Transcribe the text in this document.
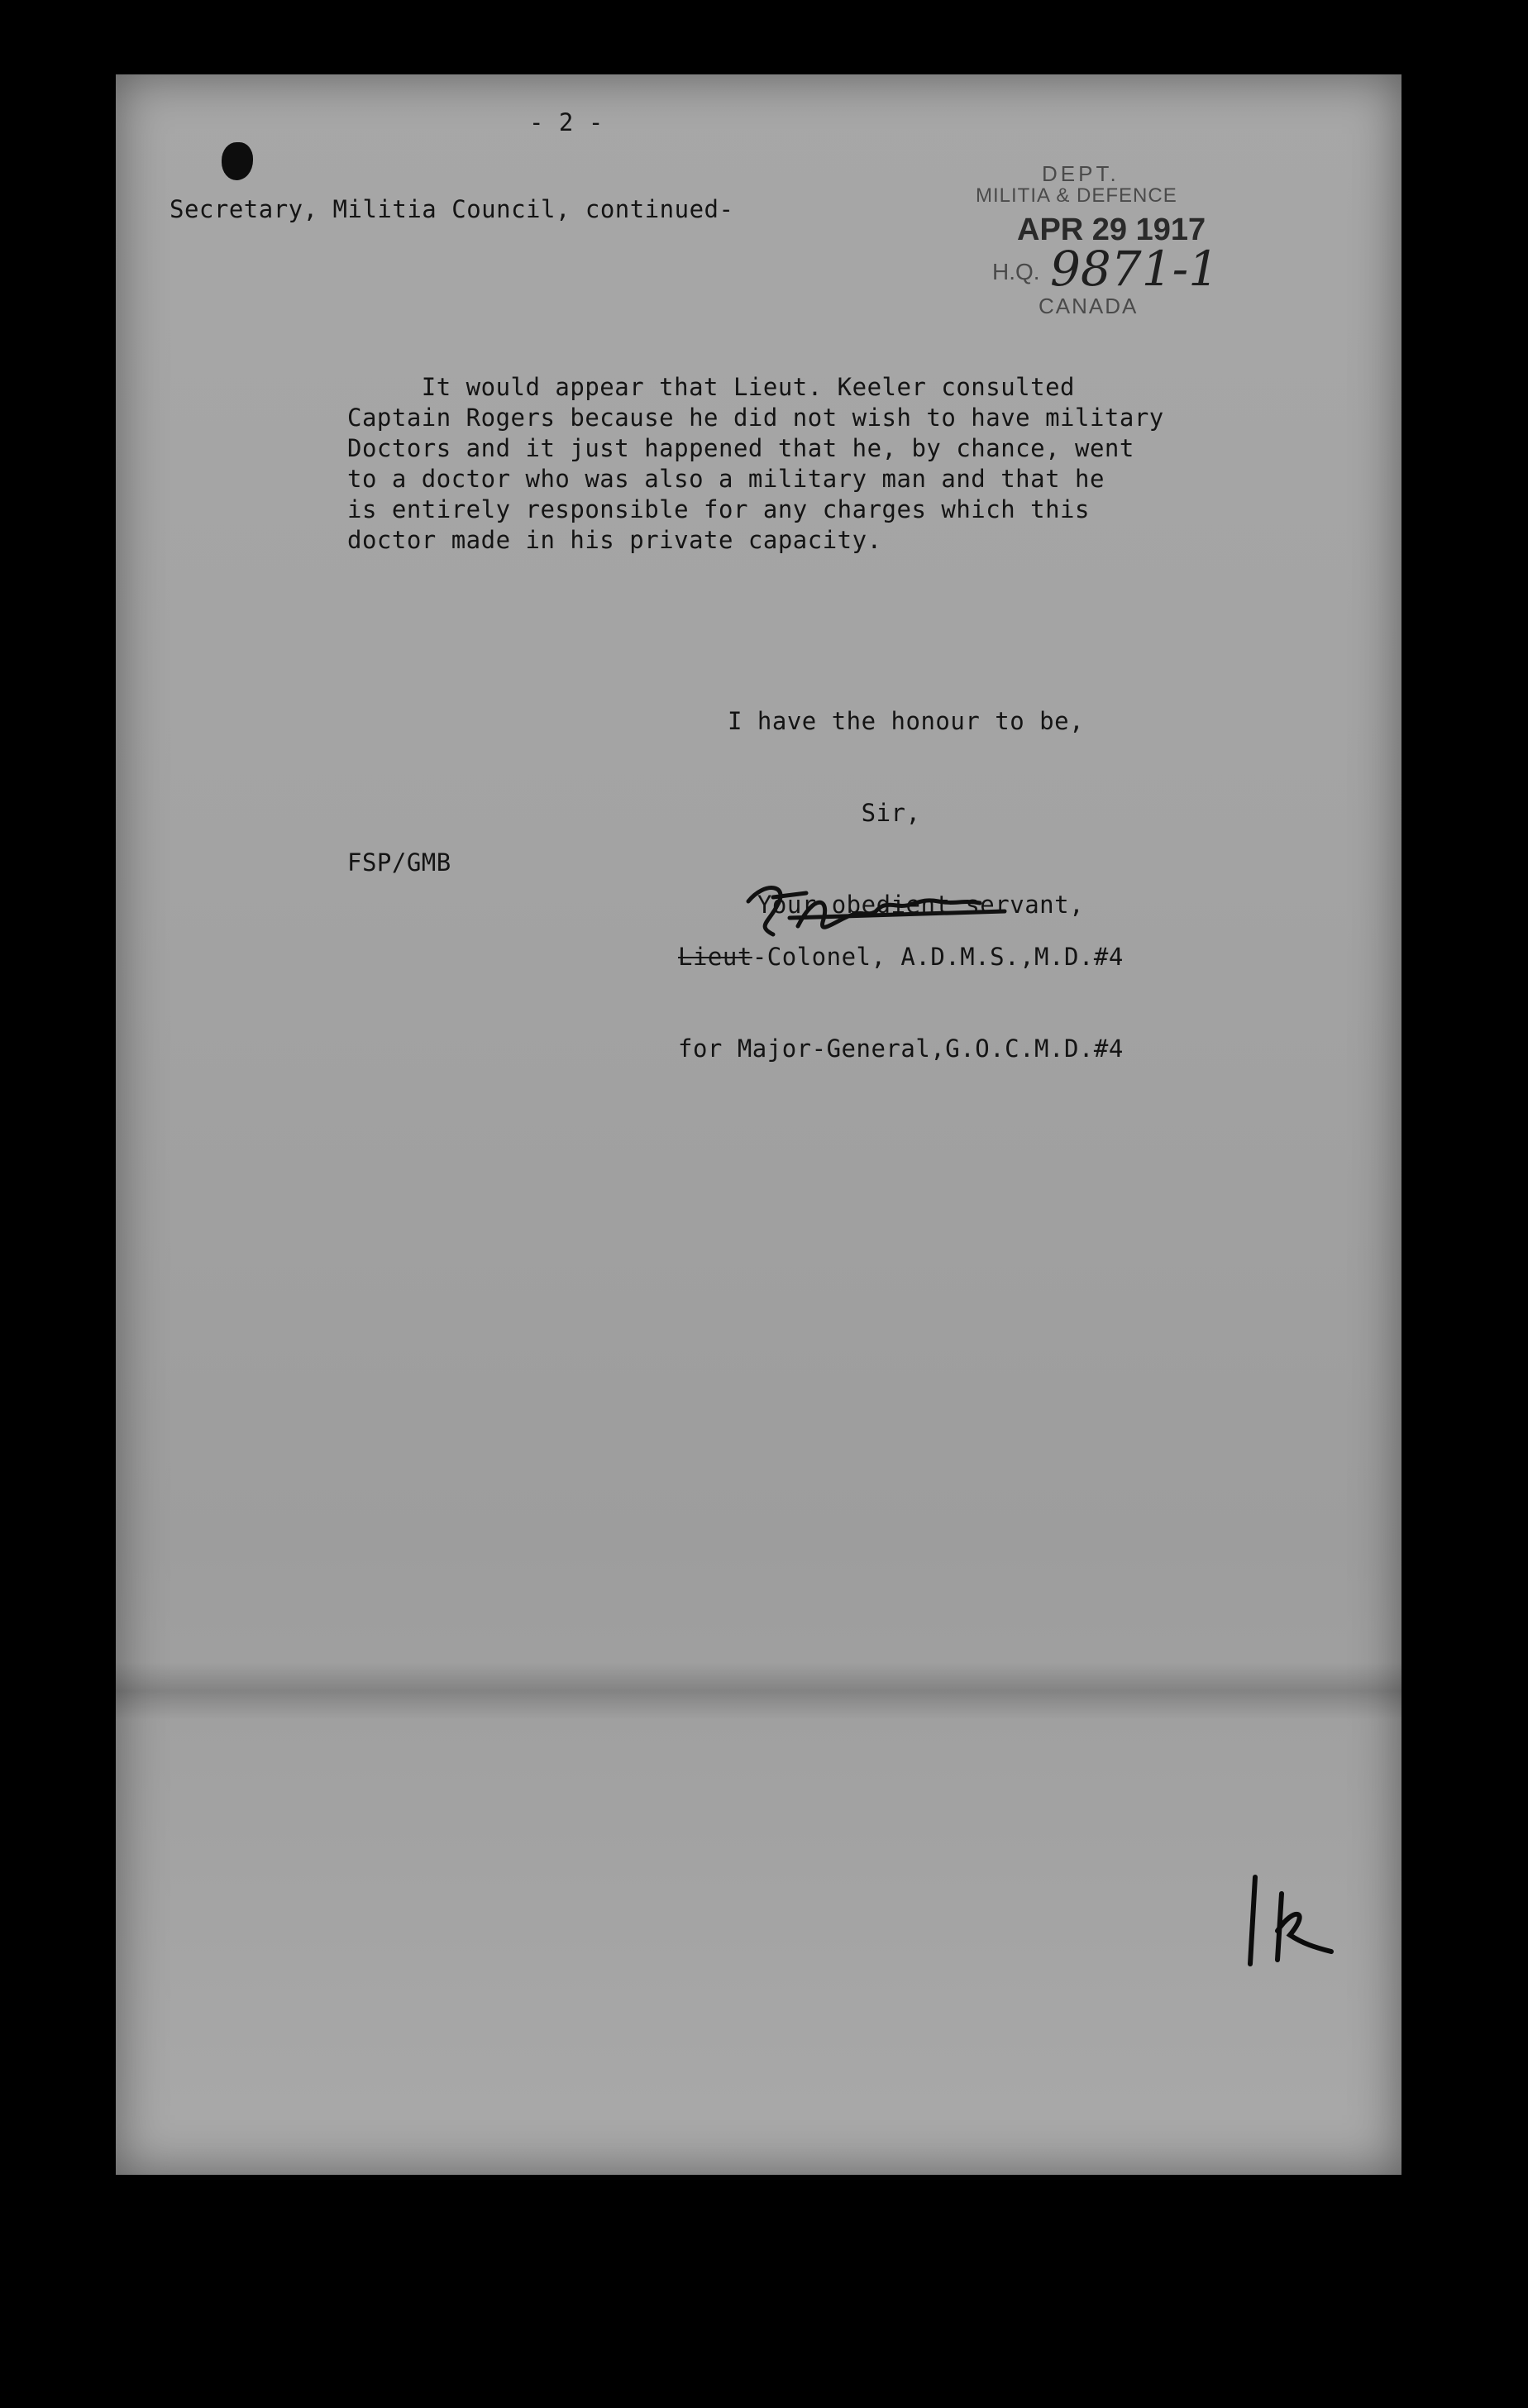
- 2 -
Secretary, Militia Council, continued-
DEPT.
MILITIA & DEFENCE
APR 29 1917
H.Q. 9871-1
CANADA
It would appear that Lieut. Keeler consulted
Captain Rogers because he did not wish to have military
Doctors and it just happened that he, by chance, went
to a doctor who was also a military man and that he
is entirely responsible for any charges which this
doctor made in his private capacity.

I have the honour to be,

Sir,

Your obedient servant,

FSP/GMB

Lieut-Colonel, A.D.M.S.,M.D.#4

for Major-General,G.O.C.M.D.#4
